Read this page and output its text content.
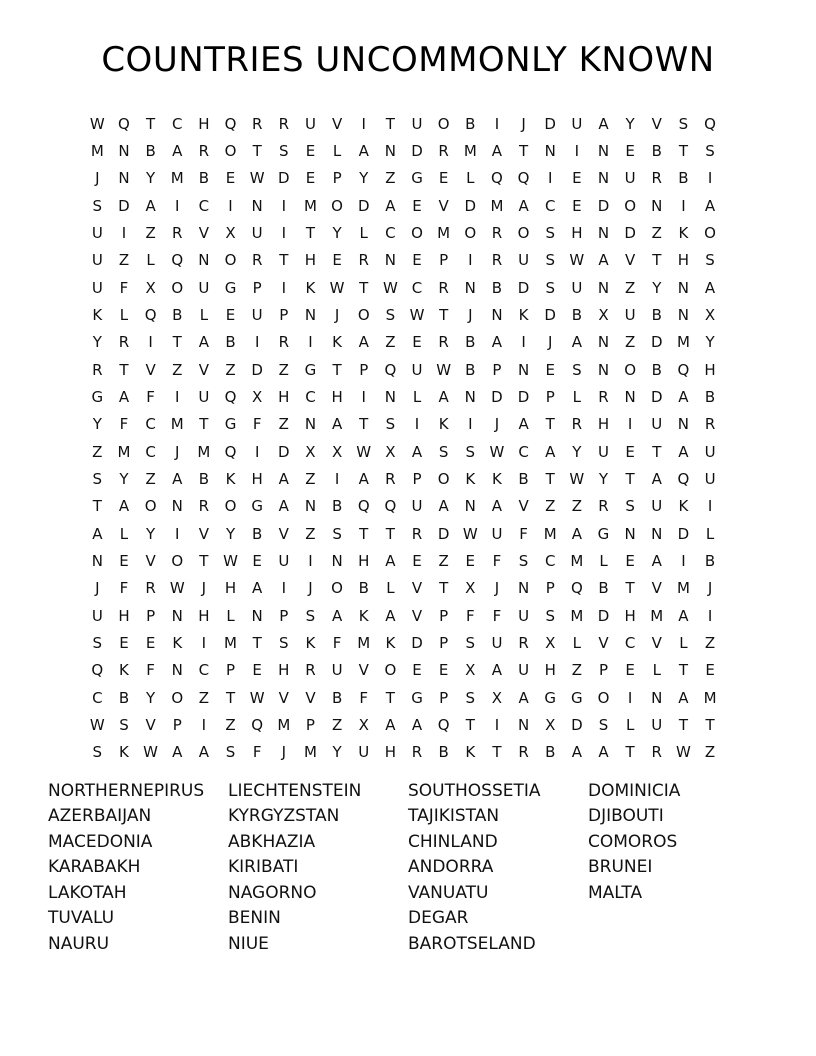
COUNTRIES UNCOMMONLY KNOWN
W Q	T	C	H	Q	R	R	U	V	I	T	U	O	B	I	J	D	U	A	Y	V	S	Q
M N	B	A	R	O	T	S	E	L	A	N	D	R M	A	T	N	I	N	E	B	T	S
J	N	Y	M	B	E W D	E	P	Y	Z	G	E	L	Q Q	I	E	N	U	R	B	I
S	D	A	I	C	I	N	I	M O D	A	E	V	D M	A	C	E	D O	N	I	A
U	I	Z	R	V	X	U	I	T	Y	L	C	O M O	R	O	S	H	N	D	Z	K	O
U	Z	L	Q	N	O	R	T	H	E	R	N	E	P	I	R	U	S W A	V	T	H	S
U	F	X	O	U	G	P	I	K W T W C	R	N	B	D	S	U	N	Z	Y	N	A
K	L	Q	B	L	E	U	P	N	J	O	S W T	J	N	K	D	B	X	U	B	N	X
Y	R	I	T	A	B	I	R	I	K	A	Z	E	R	B	A	I	J	A	N	Z	D M	Y
R	T	V	Z	V	Z	D	Z	G	T	P	Q	U W B	P	N	E	S	N	O	B	Q	H
G	A	F	I	U	Q	X	H	C	H	I	N	L	A	N	D	D	P	L	R	N	D	A	B
Y	F	C M	T	G	F	Z	N	A	T	S	I	K	I	J	A	T	R	H	I	U	N	R
Z	M C	J	M Q	I	D	X	X W X	A	S	S W C	A	Y	U	E	T	A	U
S	Y	Z	A	B	K	H	A	Z	I	A	R	P	O	K	K	B	T W Y	T	A	Q	U
T	A	O	N	R	O G	A	N	B	Q Q	U	A	N	A	V	Z	Z	R	S	U	K	I
A	L	Y	I	V	Y	B	V	Z	S	T	T	R	D W U	F	M	A	G	N	N	D	L
N	E	V	O	T W E	U	I	N	H	A	E	Z	E	F	S	C M	L	E	A	I	B
J	F	R W	J	H	A	I	J	O	B	L	V	T	X	J	N	P	Q	B	T	V	M	J
U	H	P	N	H	L	N	P	S	A	K	A	V	P	F	F	U	S	M D	H M	A	I
S	E	E	K	I	M	T	S	K	F	M	K	D	P	S	U	R	X	L	V	C	V	L	Z
Q	K	F	N	C	P	E	H	R	U	V	O	E	E	X	A	U	H	Z	P	E	L	T	E
C	B	Y	O	Z	T W V	V	B	F	T	G	P	S	X	A	G	G O	I	N	A	M
W S	V	P	I	Z	Q M	P	Z	X	A	A	Q	T	I	N	X	D	S	L	U	T	T
S	K W A	A	S	F	J	M	Y	U	H	R	B	K	T	R	B	A	A	T	R W Z
NORTHERNEPIRUS
AZERBAIJAN
MACEDONIA
KARABAKH
LAKOTAH
TUVALU
NAURU
LIECHTENSTEIN
KYRGYZSTAN
ABKHAZIA
KIRIBATI
NAGORNO
BENIN
NIUE
SOUTHOSSETIA
TAJIKISTAN
CHINLAND
ANDORRA
VANUATU
DEGAR
BAROTSELAND
DOMINICIA
DJIBOUTI
COMOROS
BRUNEI
MALTA
